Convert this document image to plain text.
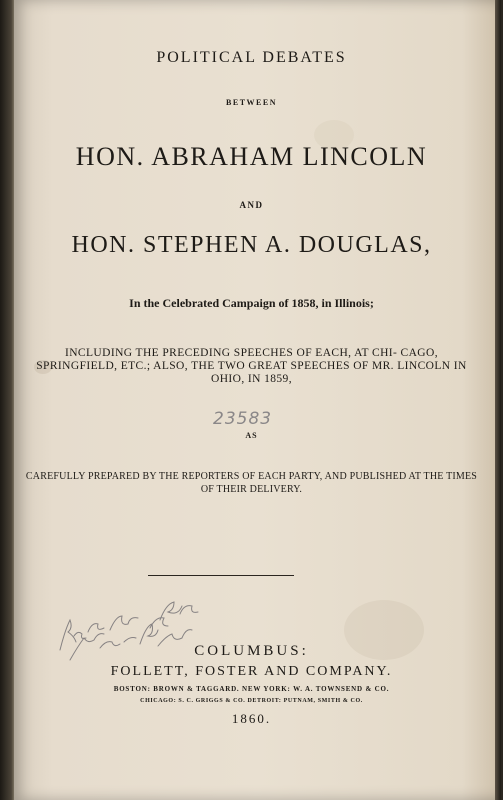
POLITICAL DEBATES

BETWEEN

HON. ABRAHAM LINCOLN

AND

HON. STEPHEN A. DOUGLAS,

In the Celebrated Campaign of 1858, in Illinois;

INCLUDING THE PRECEDING SPEECHES OF EACH, AT CHI- CAGO, SPRINGFIELD, ETC.; ALSO, THE TWO GREAT SPEECHES OF MR. LINCOLN IN OHIO, IN 1859,

23583

AS

CAREFULLY PREPARED BY THE REPORTERS OF EACH PARTY, AND PUBLISHED AT THE TIMES OF THEIR DELIVERY.

COLUMBUS:

FOLLETT, FOSTER AND COMPANY.

BOSTON: BROWN & TAGGARD. NEW YORK: W. A. TOWNSEND & CO.

CHICAGO: S. C. GRIGGS & CO. DETROIT: PUTNAM, SMITH & CO.

1860.
